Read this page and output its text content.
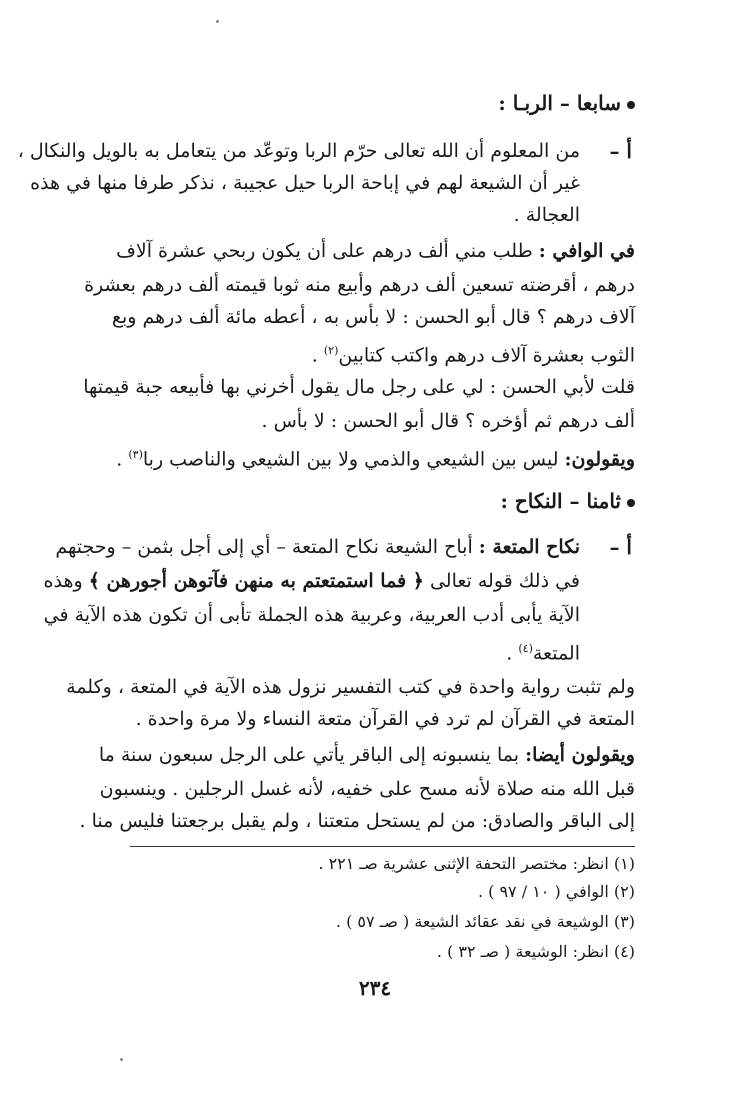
سابعا – الربـا :
أ –
من المعلوم أن الله تعالى حرّم الربا وتوعّد من يتعامل به بالويل والنكال ،
غير أن الشيعة لهم في إباحة الربا حيل عجيبة ، نذكر طرفا منها في هذه
العجالة .
في الوافي : طلب مني ألف درهم على أن يكون ربحي عشرة آلاف
درهم ، أقرضته تسعين ألف درهم وأبيع منه ثوبا قيمته ألف درهم بعشرة
آلاف درهم ؟ قال أبو الحسن : لا بأس به ، أعطه مائة ألف درهم وبع
الثوب بعشرة آلاف درهم واكتب كتابين$^{(٢)}$ .
قلت لأبي الحسن : لي على رجل مال يقول أخرني بها فأبيعه جبة قيمتها
ألف درهم ثم أؤخره ؟ قال أبو الحسن : لا بأس .
ويقولون: ليس بين الشيعي والذمي ولا بين الشيعي والناصب ربا$^{(٣)}$ .
ثامنا – النكاح :
أ –
نكاح المتعة : أباح الشيعة نكاح المتعة – أي إلى أجل بثمن – وحجتهم
في ذلك قوله تعالى ﴿ فما استمتعتم به منهن فآتوهن أجورهن ﴾ وهذه
الآية يأبى أدب العربية، وعربية هذه الجملة تأبى أن تكون هذه الآية في
المتعة$^{(٤)}$ .
ولم تثبت رواية واحدة في كتب التفسير نزول هذه الآية في المتعة ، وكلمة
المتعة في القرآن لم ترد في القرآن متعة النساء ولا مرة واحدة .
ويقولون أيضا: بما ينسبونه إلى الباقر يأتي على الرجل سبعون سنة ما
قبل الله منه صلاة لأنه مسح على خفيه، لأنه غسل الرجلين . وينسبون
إلى الباقر والصادق: من لم يستحل متعتنا ، ولم يقبل برجعتنا فليس منا .
(١) انظر: مختصر التحفة الإثنى عشرية صـ ٢٢١ .
(٢) الوافي ( ١٠ / ٩٧ ) .
(٣) الوشيعة في نقد عقائد الشيعة ( صـ ٥٧ ) .
(٤) انظر: الوشيعة ( صـ ٣٢ ) .
٢٣٤
